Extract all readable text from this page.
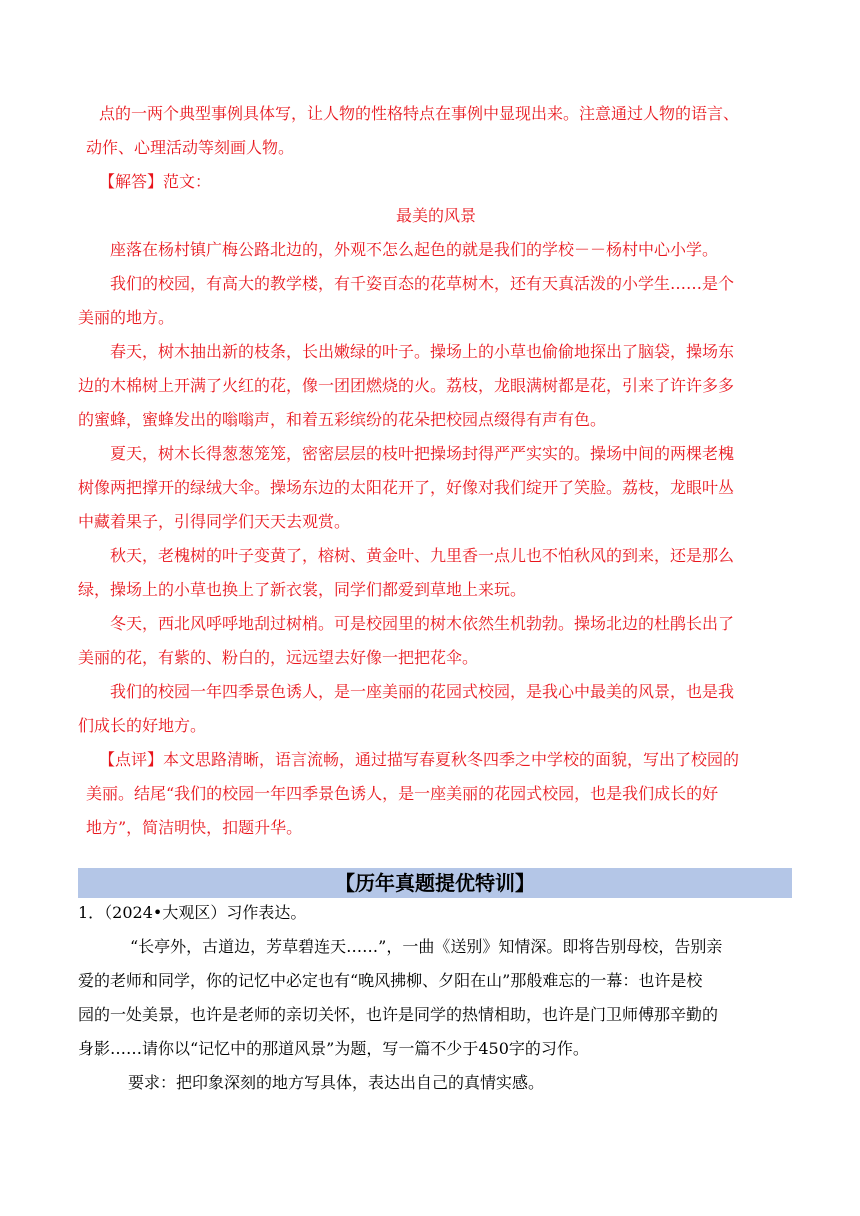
点的一两个典型事例具体写，让人物的性格特点在事例中显现出来。注意通过人物的语言、

动作、心理活动等刻画人物。

【解答】范文：

最美的风景

座落在杨村镇广梅公路北边的，外观不怎么起色的就是我们的学校－－杨村中心小学。

我们的校园，有高大的教学楼，有千姿百态的花草树木，还有天真活泼的小学生……是个

美丽的地方。

春天，树木抽出新的枝条，长出嫩绿的叶子。操场上的小草也偷偷地探出了脑袋，操场东

边的木棉树上开满了火红的花，像一团团燃烧的火。荔枝，龙眼满树都是花，引来了许许多多

的蜜蜂，蜜蜂发出的嗡嗡声，和着五彩缤纷的花朵把校园点缀得有声有色。

夏天，树木长得葱葱笼笼，密密层层的枝叶把操场封得严严实实的。操场中间的两棵老槐

树像两把撑开的绿绒大伞。操场东边的太阳花开了，好像对我们绽开了笑脸。荔枝，龙眼叶丛

中藏着果子，引得同学们天天去观赏。

秋天，老槐树的叶子变黄了，榕树、黄金叶、九里香一点儿也不怕秋风的到来，还是那么

绿，操场上的小草也换上了新衣裳，同学们都爱到草地上来玩。

冬天，西北风呼呼地刮过树梢。可是校园里的树木依然生机勃勃。操场北边的杜鹃长出了

美丽的花，有紫的、粉白的，远远望去好像一把把花伞。

我们的校园一年四季景色诱人，是一座美丽的花园式校园，是我心中最美的风景，也是我

们成长的好地方。

【点评】本文思路清晰，语言流畅，通过描写春夏秋冬四季之中学校的面貌，写出了校园的

美丽。结尾“我们的校园一年四季景色诱人，是一座美丽的花园式校园，也是我们成长的好

地方”，简洁明快，扣题升华。

【历年真题提优特训】

1．（2024•大观区）习作表达。

“长亭外，古道边，芳草碧连天……”，一曲《送别》知情深。即将告别母校，告别亲

爱的老师和同学，你的记忆中必定也有“晚风拂柳、夕阳在山”那般难忘的一幕：也许是校

园的一处美景，也许是老师的亲切关怀，也许是同学的热情相助，也许是门卫师傅那辛勤的

身影……请你以“记忆中的那道风景”为题，写一篇不少于450字的习作。

要求：把印象深刻的地方写具体，表达出自己的真情实感。
